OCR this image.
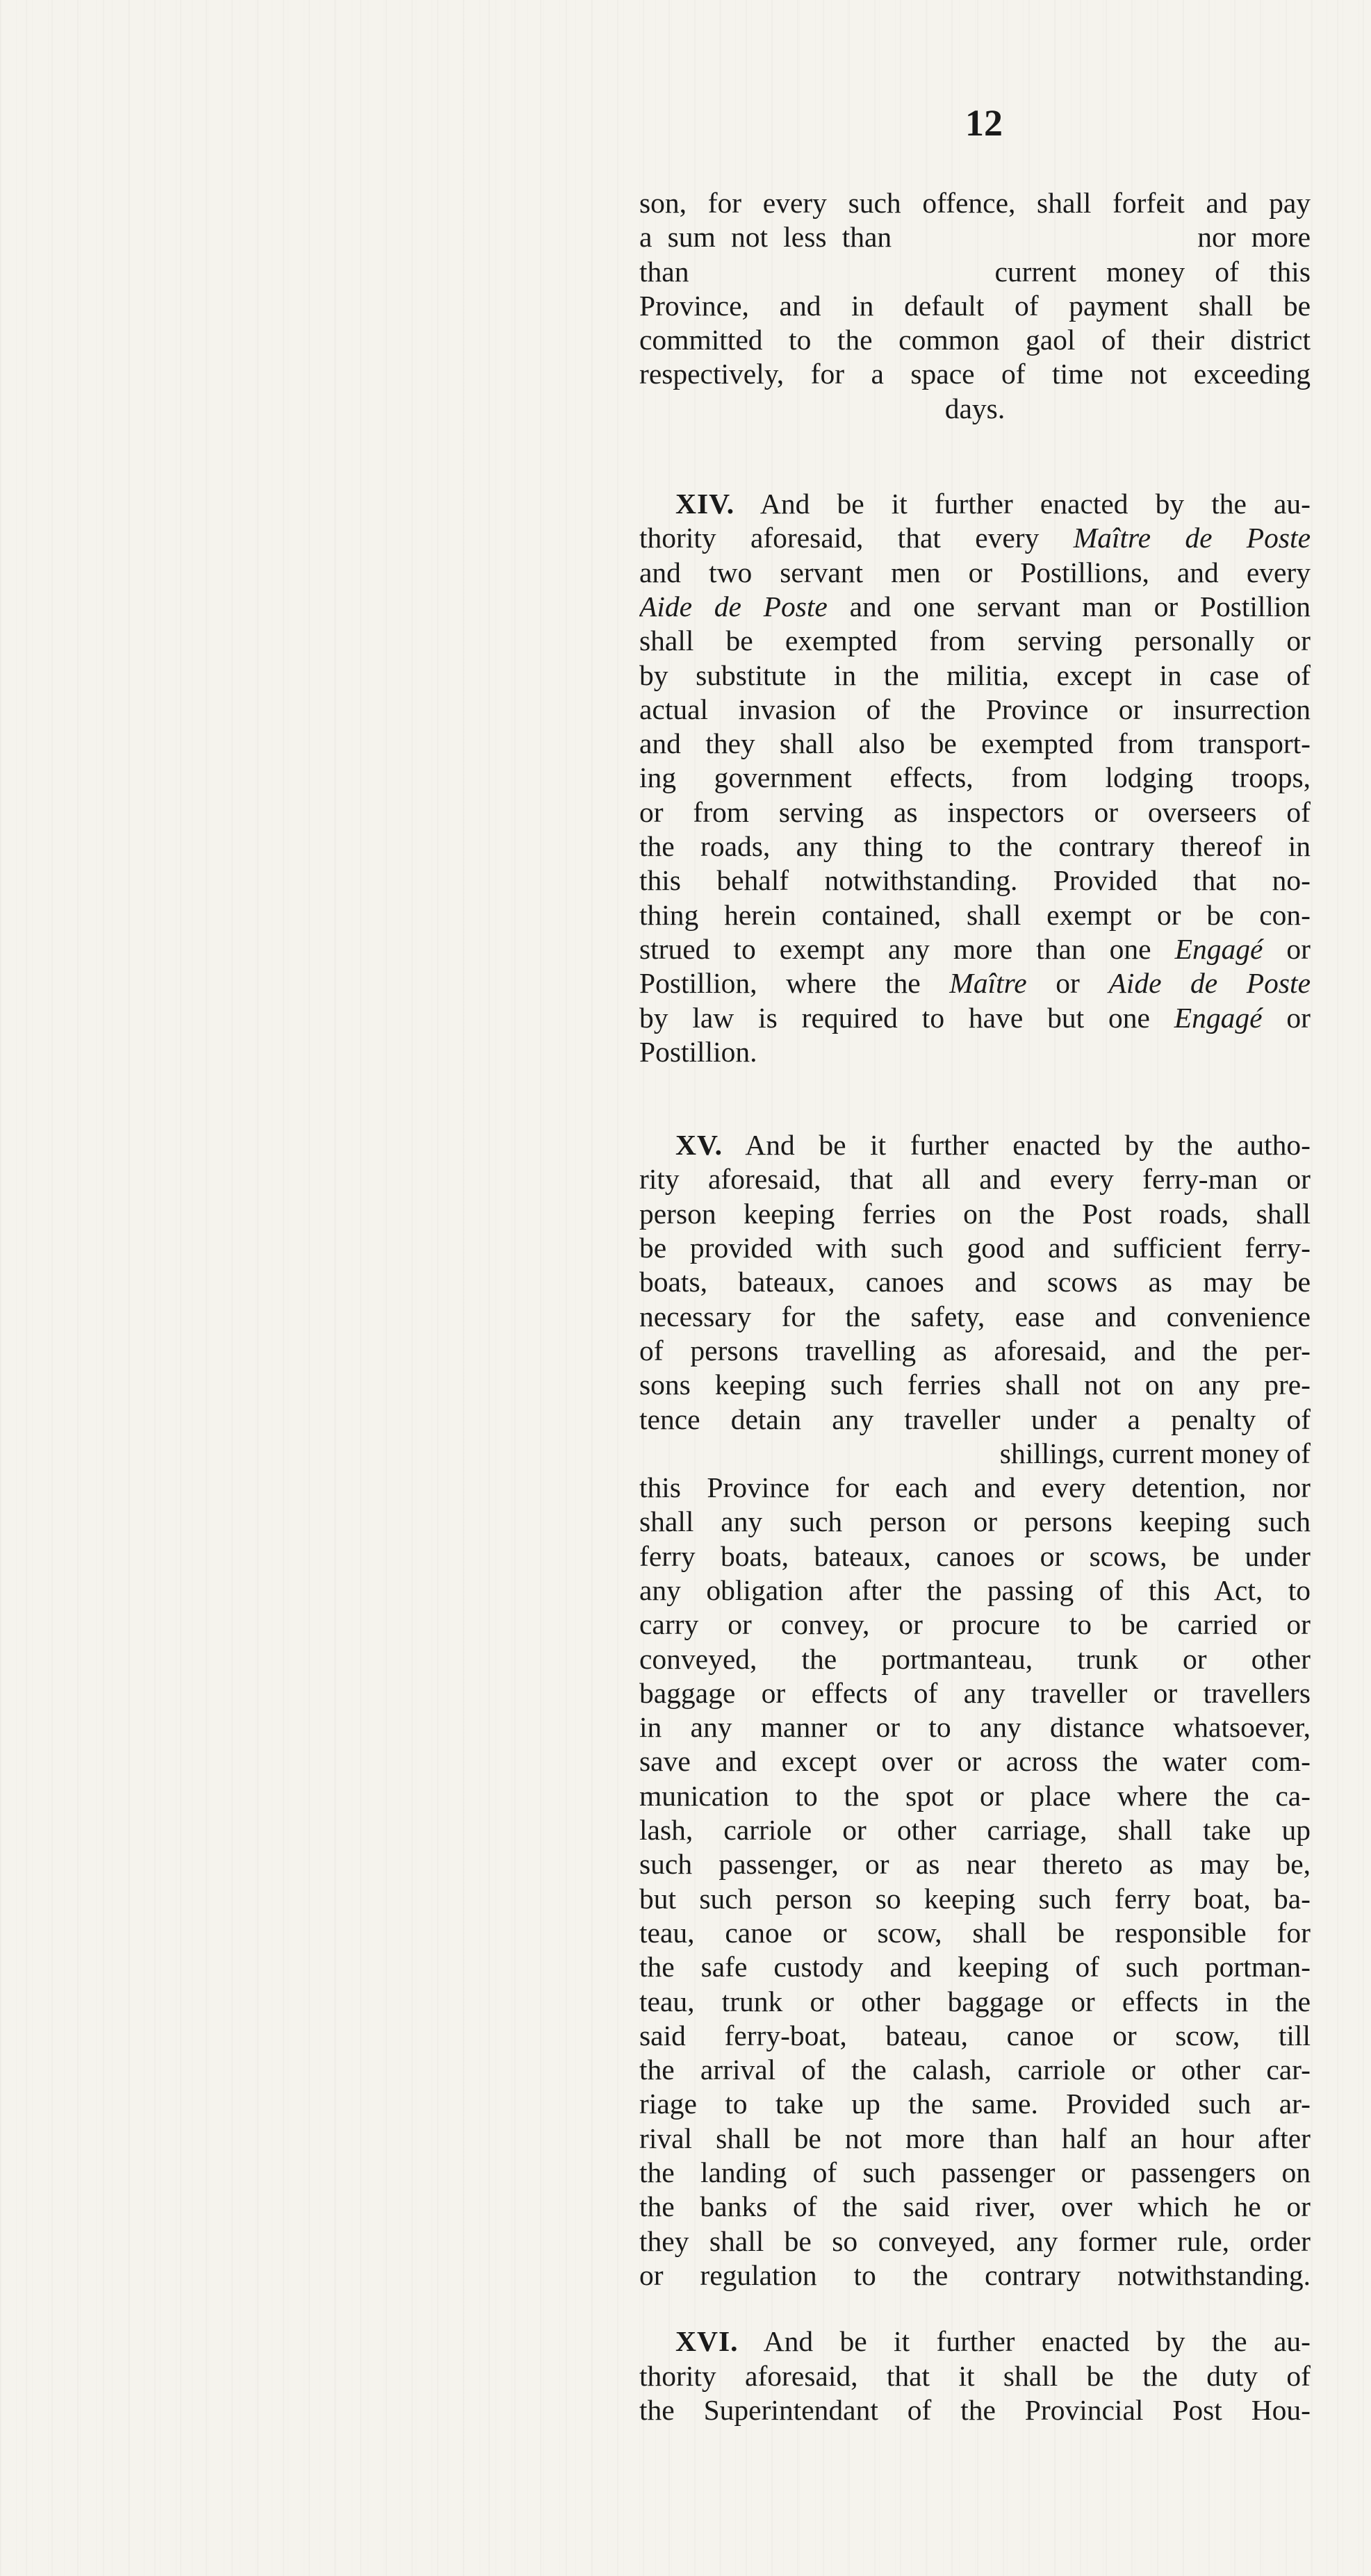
12
son, for every such offence, shall forfeit and pay
a sum not less than	nor more
than	current money of this
Province, and in default of payment shall be
committed to the common gaol of their district
respectively, for a space of time not exceeding
days.
XIV. And be it further enacted by the au-
thority aforesaid, that every Maître de Poste
and two servant men or Postillions, and every
Aide de Poste and one servant man or Postillion
shall be exempted from serving personally or
by substitute in the militia, except in case of
actual invasion of the Province or insurrection
and they shall also be exempted from transport-
ing government effects, from lodging troops,
or from serving as inspectors or overseers of
the roads, any thing to the contrary thereof in
this behalf notwithstanding. Provided that no-
thing herein contained, shall exempt or be con-
strued to exempt any more than one Engagé or
Postillion, where the Maître or Aide de Poste
by law is required to have but one Engagé or
Postillion.
XV. And be it further enacted by the autho-
rity aforesaid, that all and every ferry-man or
person keeping ferries on the Post roads, shall
be provided with such good and sufficient ferry-
boats, bateaux, canoes and scows as may be
necessary for the safety, ease and convenience
of persons travelling as aforesaid, and the per-
sons keeping such ferries shall not on any pre-
tence detain any traveller under a penalty of
shillings, current money of
this Province for each and every detention, nor
shall any such person or persons keeping such
ferry boats, bateaux, canoes or scows, be under
any obligation after the passing of this Act, to
carry or convey, or procure to be carried or
conveyed, the portmanteau, trunk or other
baggage or effects of any traveller or travellers
in any manner or to any distance whatsoever,
save and except over or across the water com-
munication to the spot or place where the ca-
lash, carriole or other carriage, shall take up
such passenger, or as near thereto as may be,
but such person so keeping such ferry boat, ba-
teau, canoe or scow, shall be responsible for
the safe custody and keeping of such portman-
teau, trunk or other baggage or effects in the
said ferry-boat, bateau, canoe or scow, till
the arrival of the calash, carriole or other car-
riage to take up the same. Provided such ar-
rival shall be not more than half an hour after
the landing of such passenger or passengers on
the banks of the said river, over which he or
they shall be so conveyed, any former rule, order
or regulation to the contrary notwithstanding.
XVI. And be it further enacted by the au-
thority aforesaid, that it shall be the duty of
the Superintendant of the Provincial Post Hou-
